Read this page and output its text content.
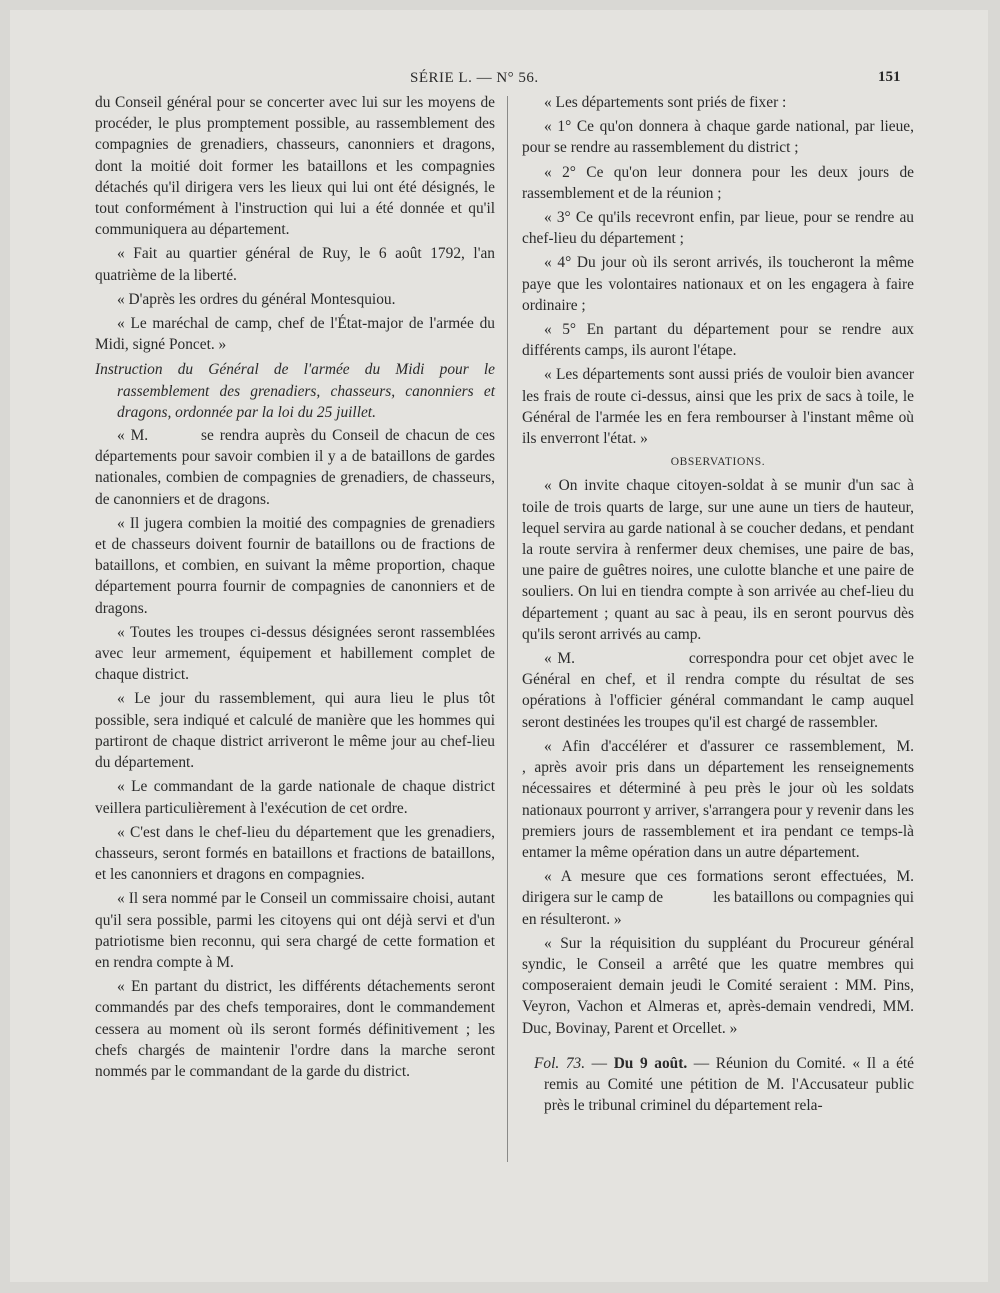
SÉRIE L. — N° 56.	151

du Conseil général pour se concerter avec lui sur les moyens de procéder, le plus promptement possible, au rassemblement des compagnies de grenadiers, chasseurs, canonniers et dragons, dont la moitié doit former les bataillons et les compagnies détachés qu'il dirigera vers les lieux qui lui ont été désignés, le tout conformément à l'instruction qui lui a été donnée et qu'il communiquera au département.

« Fait au quartier général de Ruy, le 6 août 1792, l'an quatrième de la liberté.

« D'après les ordres du général Montesquiou.

« Le maréchal de camp, chef de l'État-major de l'armée du Midi, signé Poncet. »

Instruction du Général de l'armée du Midi pour le rassemblement des grenadiers, chasseurs, canonniers et dragons, ordonnée par la loi du 25 juillet.

« M.         se rendra auprès du Conseil de chacun de ces départements pour savoir combien il y a de bataillons de gardes nationales, combien de compagnies de grenadiers, de chasseurs, de canonniers et de dragons.

« Il jugera combien la moitié des compagnies de grenadiers et de chasseurs doivent fournir de bataillons ou de fractions de bataillons, et combien, en suivant la même proportion, chaque département pourra fournir de compagnies de canonniers et de dragons.

« Toutes les troupes ci-dessus désignées seront rassemblées avec leur armement, équipement et habillement complet de chaque district.

« Le jour du rassemblement, qui aura lieu le plus tôt possible, sera indiqué et calculé de manière que les hommes qui partiront de chaque district arriveront le même jour au chef-lieu du département.

« Le commandant de la garde nationale de chaque district veillera particulièrement à l'exécution de cet ordre.

« C'est dans le chef-lieu du département que les grenadiers, chasseurs, seront formés en bataillons et fractions de bataillons, et les canonniers et dragons en compagnies.

« Il sera nommé par le Conseil un commissaire choisi, autant qu'il sera possible, parmi les citoyens qui ont déjà servi et d'un patriotisme bien reconnu, qui sera chargé de cette formation et en rendra compte à M.

« En partant du district, les différents détachements seront commandés par des chefs temporaires, dont le commandement cessera au moment où ils seront formés définitivement ; les chefs chargés de maintenir l'ordre dans la marche seront nommés par le commandant de la garde du district.

« Les départements sont priés de fixer :

« 1° Ce qu'on donnera à chaque garde national, par lieue, pour se rendre au rassemblement du district ;

« 2° Ce qu'on leur donnera pour les deux jours de rassemblement et de la réunion ;

« 3° Ce qu'ils recevront enfin, par lieue, pour se rendre au chef-lieu du département ;

« 4° Du jour où ils seront arrivés, ils toucheront la même paye que les volontaires nationaux et on les engagera à faire ordinaire ;

« 5° En partant du département pour se rendre aux différents camps, ils auront l'étape.

« Les départements sont aussi priés de vouloir bien avancer les frais de route ci-dessus, ainsi que les prix de sacs à toile, le Général de l'armée les en fera rembourser à l'instant même où ils enverront l'état. »

OBSERVATIONS.

« On invite chaque citoyen-soldat à se munir d'un sac à toile de trois quarts de large, sur une aune un tiers de hauteur, lequel servira au garde national à se coucher dedans, et pendant la route servira à renfermer deux chemises, une paire de bas, une paire de guêtres noires, une culotte blanche et une paire de souliers. On lui en tiendra compte à son arrivée au chef-lieu du département ; quant au sac à peau, ils en seront pourvus dès qu'ils seront arrivés au camp.

« M.                    correspondra pour cet objet avec le Général en chef, et il rendra compte du résultat de ses opérations à l'officier général commandant le camp auquel seront destinées les troupes qu'il est chargé de rassembler.

« Afin d'accélérer et d'assurer ce rassemblement, M.            , après avoir pris dans un département les renseignements nécessaires et déterminé à peu près le jour où les soldats nationaux pourront y arriver, s'arrangera pour y revenir dans les premiers jours de rassemblement et ira pendant ce temps-là entamer la même opération dans un autre département.

« A mesure que ces formations seront effectuées, M.             dirigera sur le camp de             les bataillons ou compagnies qui en résulteront. »

« Sur la réquisition du suppléant du Procureur général syndic, le Conseil a arrêté que les quatre membres qui composeraient demain jeudi le Comité seraient : MM. Pins, Veyron, Vachon et Almeras et, après-demain vendredi, MM. Duc, Bovinay, Parent et Orcellet. »

Fol. 73. — Du 9 août. — Réunion du Comité. « Il a été remis au Comité une pétition de M. l'Accusateur public près le tribunal criminel du département rela-
